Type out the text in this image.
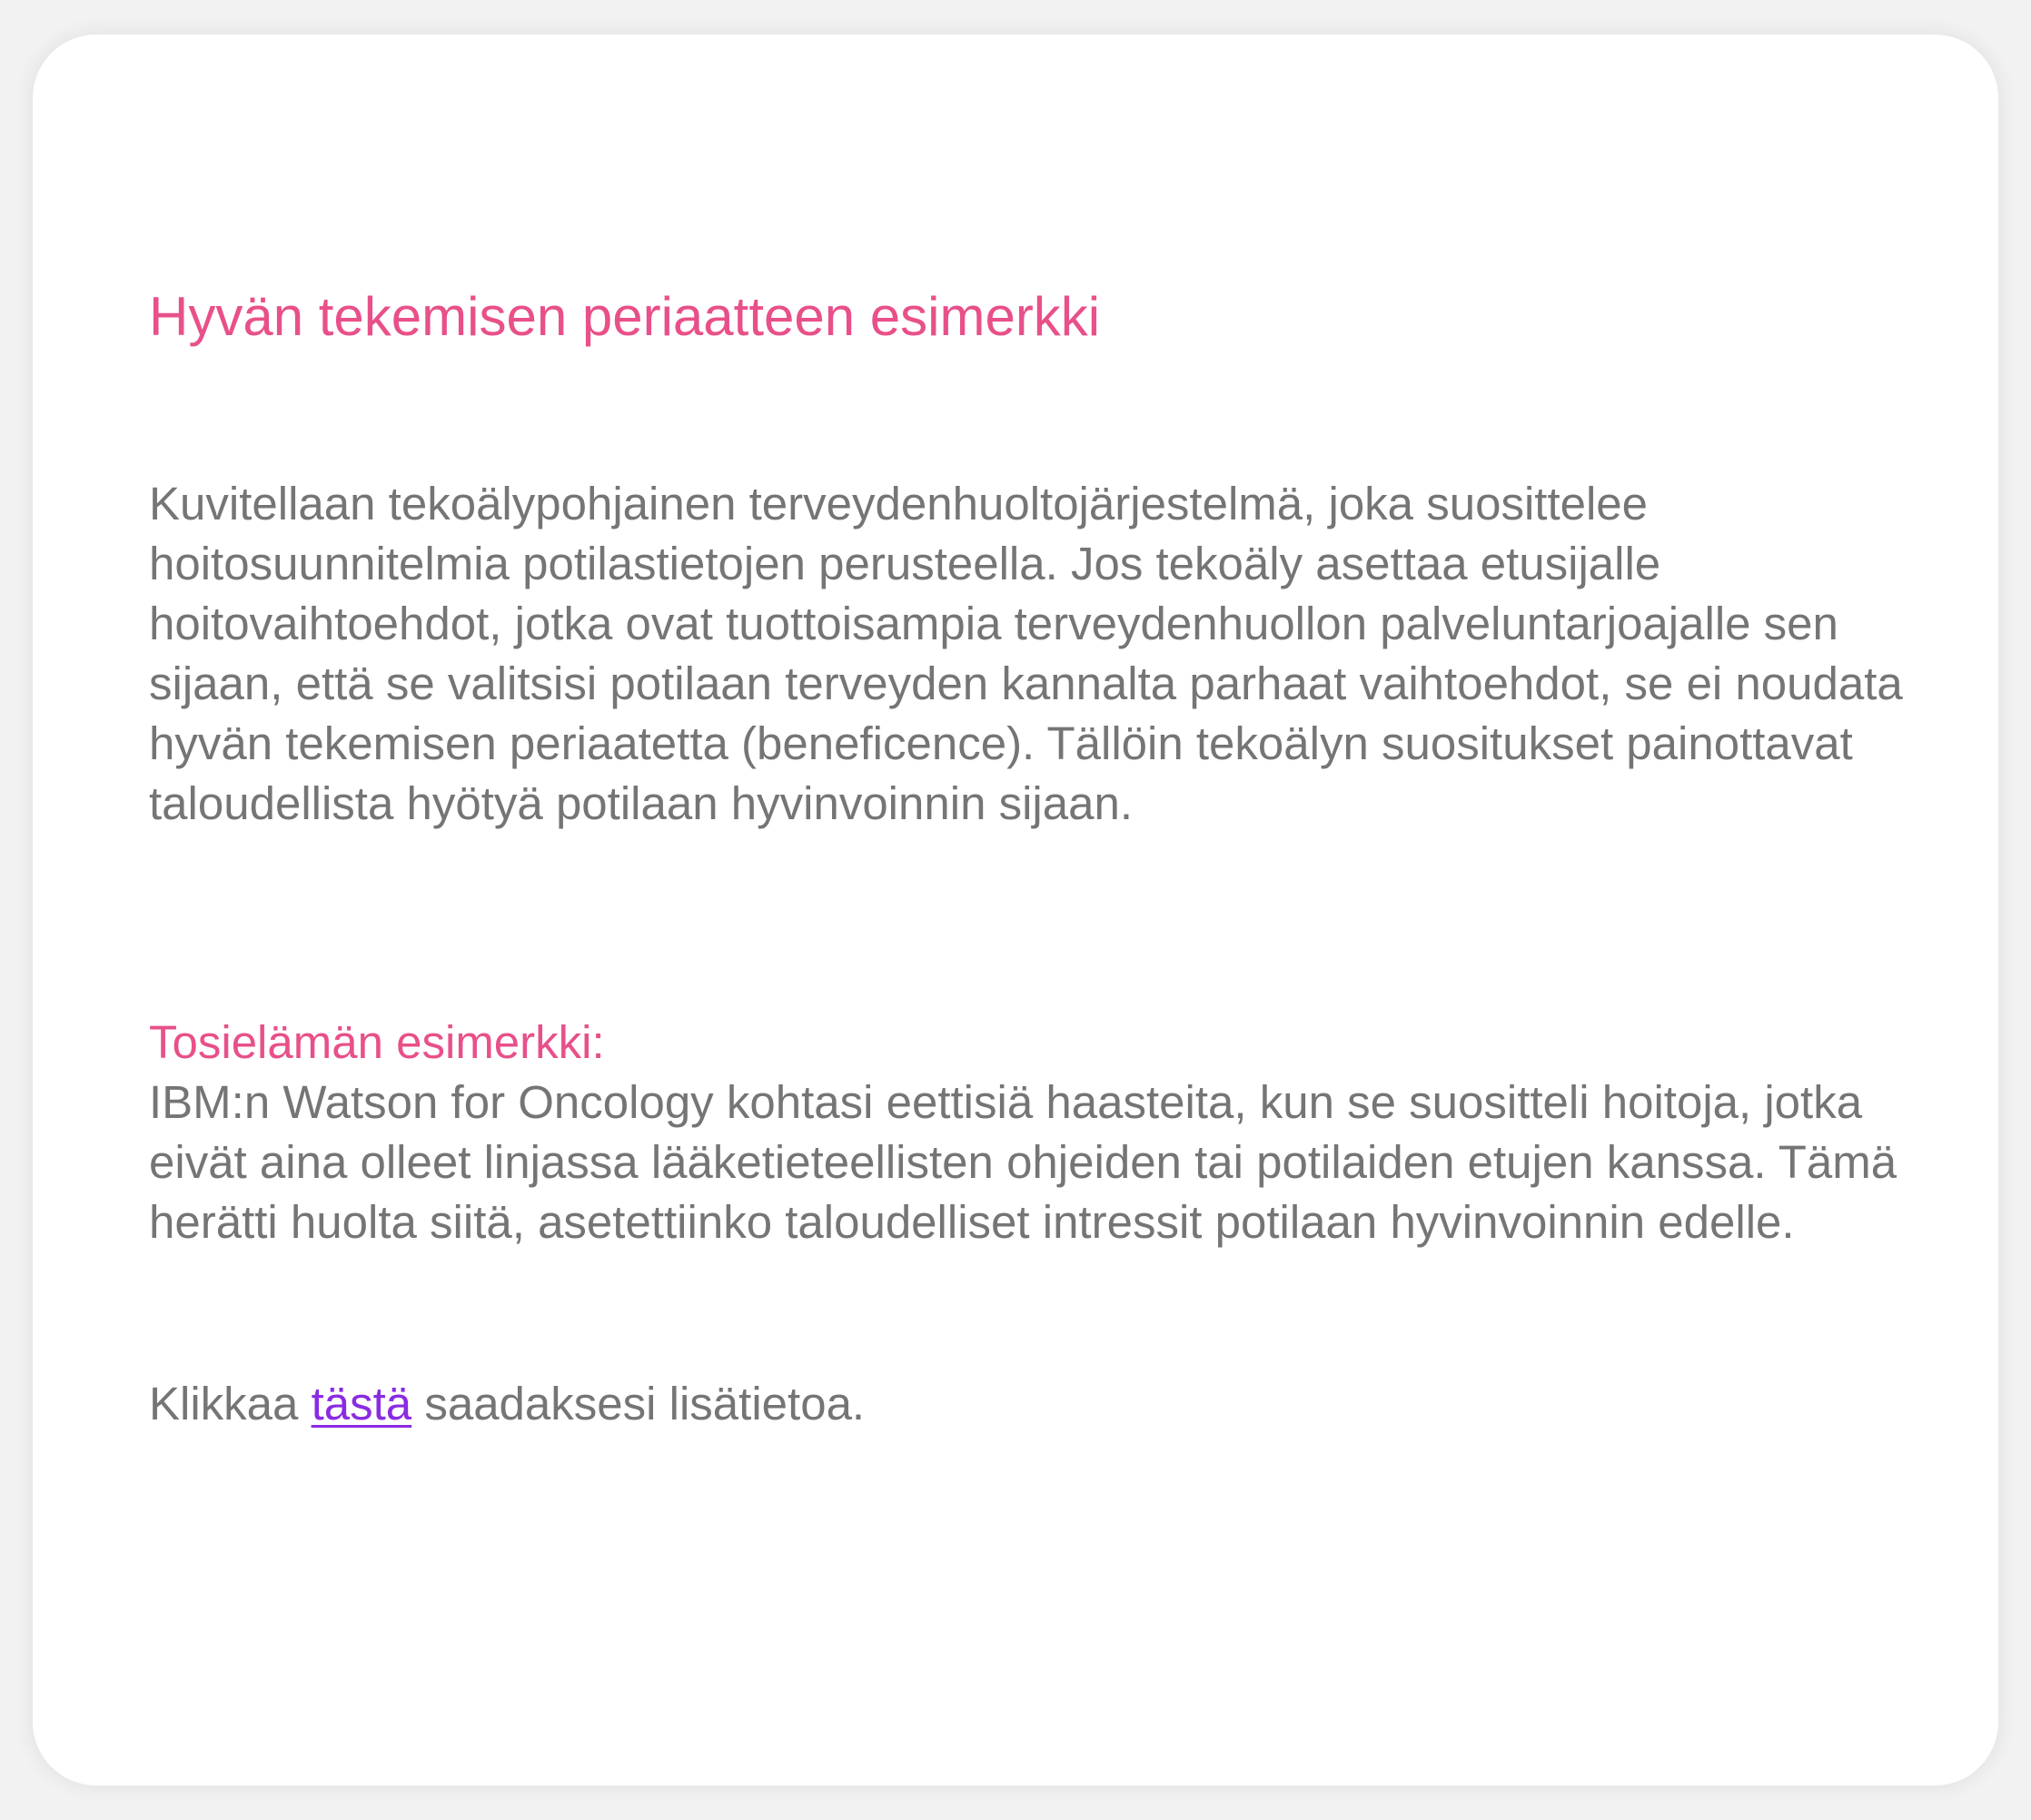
Hyvän tekemisen periaatteen esimerkki

Kuvitellaan tekoälypohjainen terveydenhuoltojärjestelmä, joka suosittelee hoitosuunnitelmia potilastietojen perusteella. Jos tekoäly asettaa etusijalle hoitovaihtoehdot, jotka ovat tuottoisampia terveydenhuollon palveluntarjoajalle sen sijaan, että se valitsisi potilaan terveyden kannalta parhaat vaihtoehdot, se ei noudata hyvän tekemisen periaatetta (beneficence). Tällöin tekoälyn suositukset painottavat taloudellista hyötyä potilaan hyvinvoinnin sijaan.

Tosielämän esimerkki:

IBM:n Watson for Oncology kohtasi eettisiä haasteita, kun se suositteli hoitoja, jotka eivät aina olleet linjassa lääketieteellisten ohjeiden tai potilaiden etujen kanssa. Tämä herätti huolta siitä, asetettiinko taloudelliset intressit potilaan hyvinvoinnin edelle.

Klikkaa tästä saadaksesi lisätietoa.
